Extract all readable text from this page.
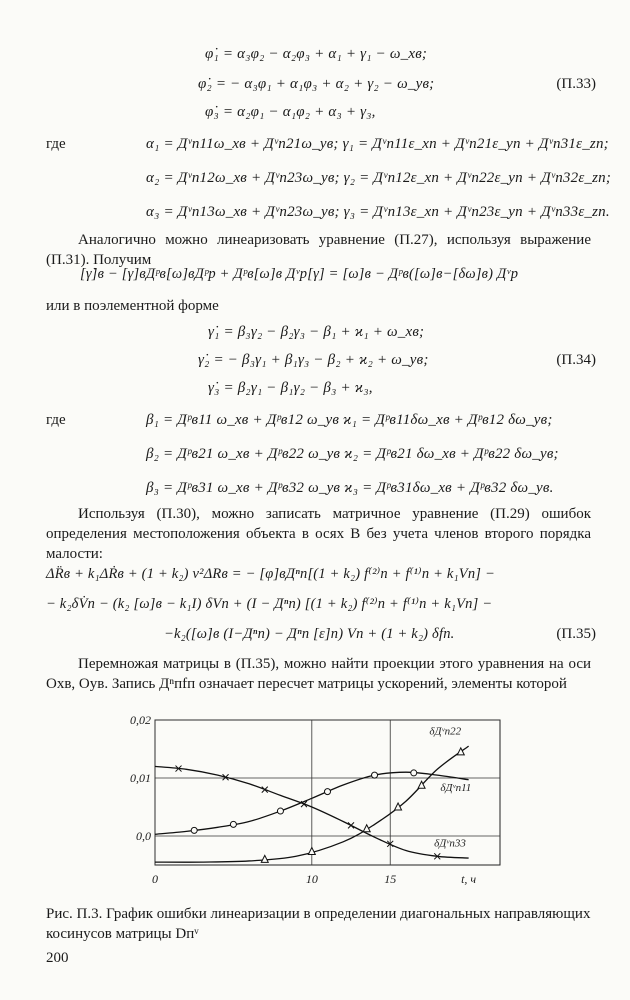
φ̇₁ = α₃φ₂ − α₂φ₃ + α₁ + γ₁ − ω_xв;
φ̇₂ = − α₃φ₁ + α₁φ₃ + α₂ + γ₂ − ω_yв;
φ̇₃ = α₂φ₁ − α₁φ₂ + α₃ + γ₃,
(П.33)
где	α₁ = Дᵛп11ω_xв + Дᵛп21ω_yв; γ₁ = Дᵛп11ε_xп + Дᵛп21ε_yп + Дᵛп31ε_zп;
α₂ = Дᵛп12ω_xв + Дᵛп23ω_yв; γ₂ = Дᵛп12ε_xп + Дᵛп22ε_yп + Дᵛп32ε_zп;
α₃ = Дᵛп13ω_xв + Дᵛп23ω_yв; γ₃ = Дᵛп13ε_xп + Дᵛп23ε_yп + Дᵛп33ε_zп.

Аналогично можно линеаризовать уравнение (П.27), используя выражение (П.31). Получим

[γ̇]в − [γ]вДᵖв[ω]вДᵖр + Дᵖв[ω]в Дᵛр[γ] = [ω]в − Дᵖв([ω]в−[δω]в) Дᵛр
или в поэлементной форме
γ̇₁ = β₃γ₂ − β₂γ₃ − β₁ + ϰ₁ + ω_xв;
γ̇₂ = − β₃γ₁ + β₁γ₃ − β₂ + ϰ₂ + ω_yв;
γ̇₃ = β₂γ₁ − β₁γ₂ − β₃ + ϰ₃,
(П.34)
где	β₁ = Дᵖв11 ω_xв + Дᵖв12 ω_yв ϰ₁ = Дᵖв11δω_xв + Дᵖв12 δω_yв;
β₂ = Дᵖв21 ω_xв + Дᵖв22 ω_yв ϰ₂ = Дᵖв21 δω_xв + Дᵖв22 δω_yв;
β₃ = Дᵖв31 ω_xв + Дᵖв32 ω_yв ϰ₃ = Дᵖв31δω_xв + Дᵖв32 δω_yв.

Используя (П.30), можно записать матричное уравнение (П.29) ошибок определения местоположения объекта в осях В без учета членов второго порядка малости:

ΔR̈в + k₁ΔṘв + (1 + k₂) ν²ΔRв = − [φ]вДⁿп[(1 + k₂) f⁽²⁾п + f⁽¹⁾п + k₁Vп] −
− k₂δV̇п − (k₂ [ω]в − k₁I) δVп + (I − Дⁿп) [(1 + k₂) f⁽²⁾п + f⁽¹⁾п + k₁Vп] −
−k₂([ω]в (I−Дⁿп) − Дⁿп [ε]п) Vп + (1 + k₂) δfп.	(П.35)

Перемножая матрицы в (П.35), можно найти проекции этого уравнения на оси Oxв, Oyв. Запись Дⁿпfп означает пересчет матрицы ускорений, элементы которой

0	10	15
0,02
0,01
0,0
t, ч
δДᵛп22
δДᵛп11
δДᵛп33
Рис. П.3. График ошибки линеаризации в определении диагональных направляющих косинусов матрицы Dпᵛ
200
